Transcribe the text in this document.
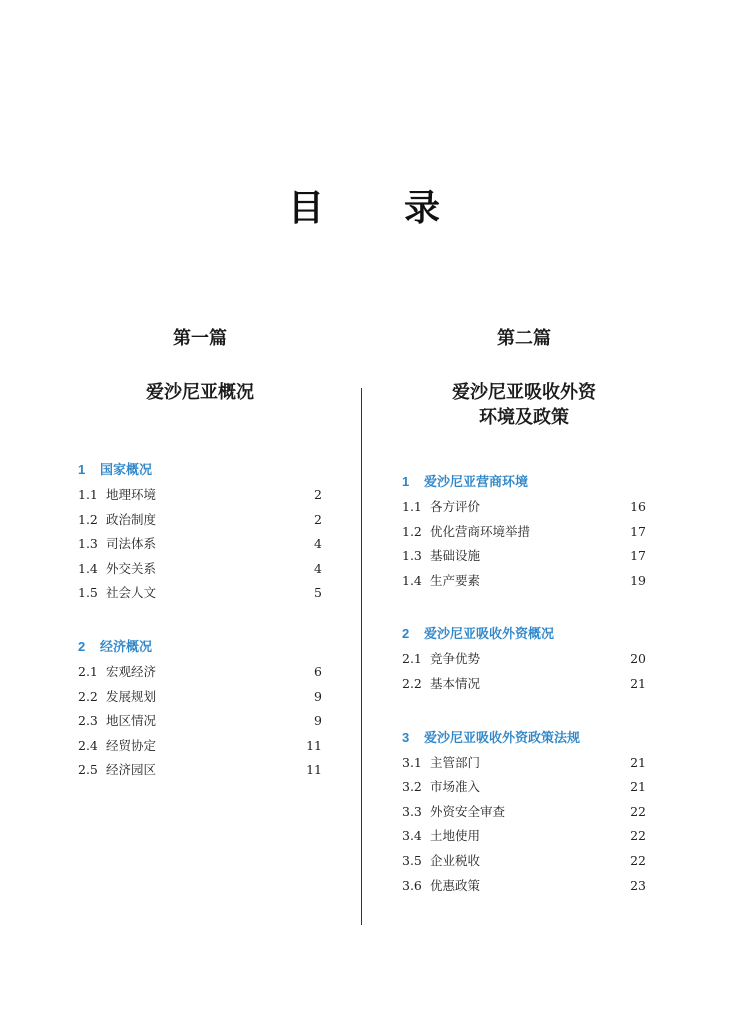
目 录
第一篇
爱沙尼亚概况
1 国家概况
1.1 地理环境	2
1.2 政治制度	2
1.3 司法体系	4
1.4 外交关系	4
1.5 社会人文	5
2 经济概况
2.1 宏观经济	6
2.2 发展规划	9
2.3 地区情况	9
2.4 经贸协定	11
2.5 经济园区	11
第二篇
爱沙尼亚吸收外资
环境及政策
1 爱沙尼亚营商环境
1.1 各方评价	16
1.2 优化营商环境举措	17
1.3 基础设施	17
1.4 生产要素	19
2 爱沙尼亚吸收外资概况
2.1 竞争优势	20
2.2 基本情况	21
3 爱沙尼亚吸收外资政策法规
3.1 主管部门	21
3.2 市场准入	21
3.3 外资安全审查	22
3.4 土地使用	22
3.5 企业税收	22
3.6 优惠政策	23
